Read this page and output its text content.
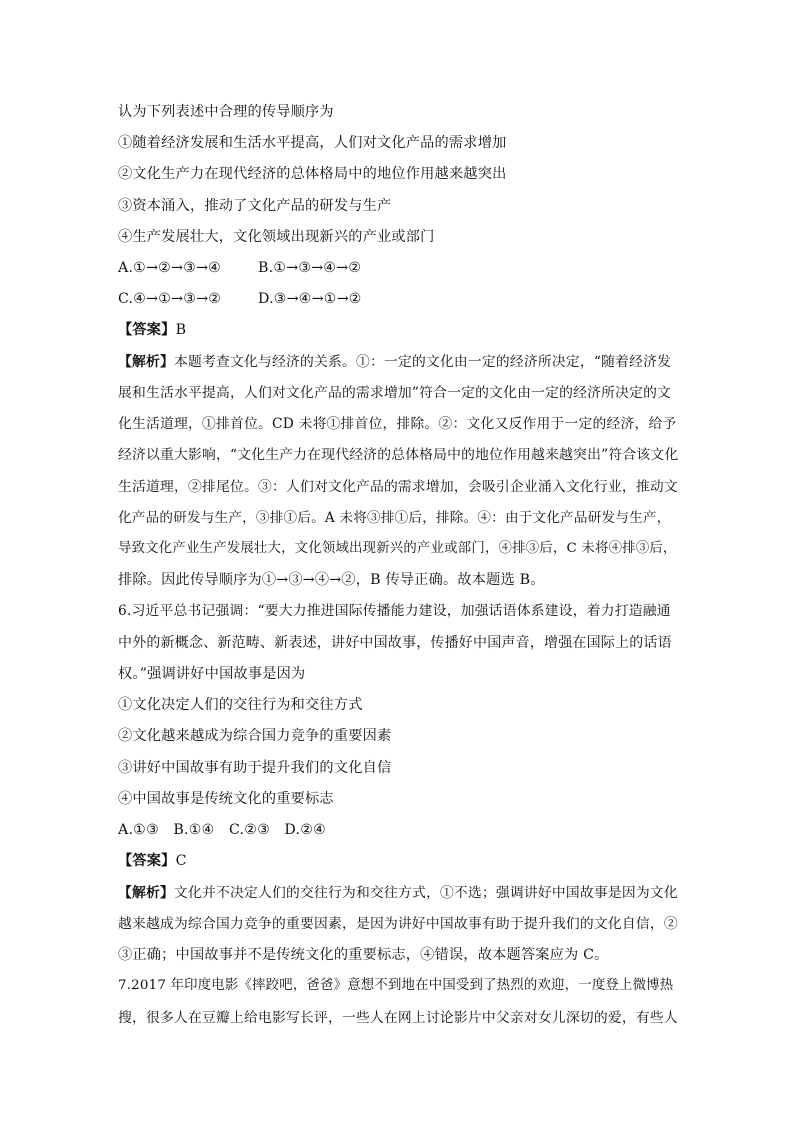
认为下列表述中合理的传导顺序为
①随着经济发展和生活水平提高，人们对文化产品的需求增加
②文化生产力在现代经济的总体格局中的地位作用越来越突出
③资本涌入，推动了文化产品的研发与生产
④生产发展壮大，文化领域出现新兴的产业或部门
A.①→②→③→④	B.①→③→④→②
C.④→①→③→②	D.③→④→①→②
【答案】B
【解析】本题考查文化与经济的关系。①：一定的文化由一定的经济所决定，“随着经济发
展和生活水平提高，人们对文化产品的需求增加”符合一定的文化由一定的经济所决定的文
化生活道理，①排首位。CD 未将①排首位，排除。②：文化又反作用于一定的经济，给予
经济以重大影响，“文化生产力在现代经济的总体格局中的地位作用越来越突出”符合该文化
生活道理，②排尾位。③：人们对文化产品的需求增加，会吸引企业涌入文化行业，推动文
化产品的研发与生产，③排①后。A 未将③排①后，排除。④：由于文化产品研发与生产，
导致文化产业生产发展壮大，文化领域出现新兴的产业或部门，④排③后，C 未将④排③后，
排除。因此传导顺序为①→③→④→②，B 传导正确。故本题选 B。
6.习近平总书记强调：“要大力推进国际传播能力建设，加强话语体系建设，着力打造融通
中外的新概念、新范畴、新表述，讲好中国故事，传播好中国声音，增强在国际上的话语
权。”强调讲好中国故事是因为
①文化决定人们的交往行为和交往方式
②文化越来越成为综合国力竞争的重要因素
③讲好中国故事有助于提升我们的文化自信
④中国故事是传统文化的重要标志
A.①③　B.①④　C.②③　D.②④
【答案】C
【解析】文化并不决定人们的交往行为和交往方式，①不选；强调讲好中国故事是因为文化
越来越成为综合国力竞争的重要因素，是因为讲好中国故事有助于提升我们的文化自信，②
③正确；中国故事并不是传统文化的重要标志，④错误，故本题答案应为 C。
7.2017 年印度电影《摔跤吧，爸爸》意想不到地在中国受到了热烈的欢迎，一度登上微博热
搜，很多人在豆瓣上给电影写长评，一些人在网上讨论影片中父亲对女儿深切的爱，有些人
